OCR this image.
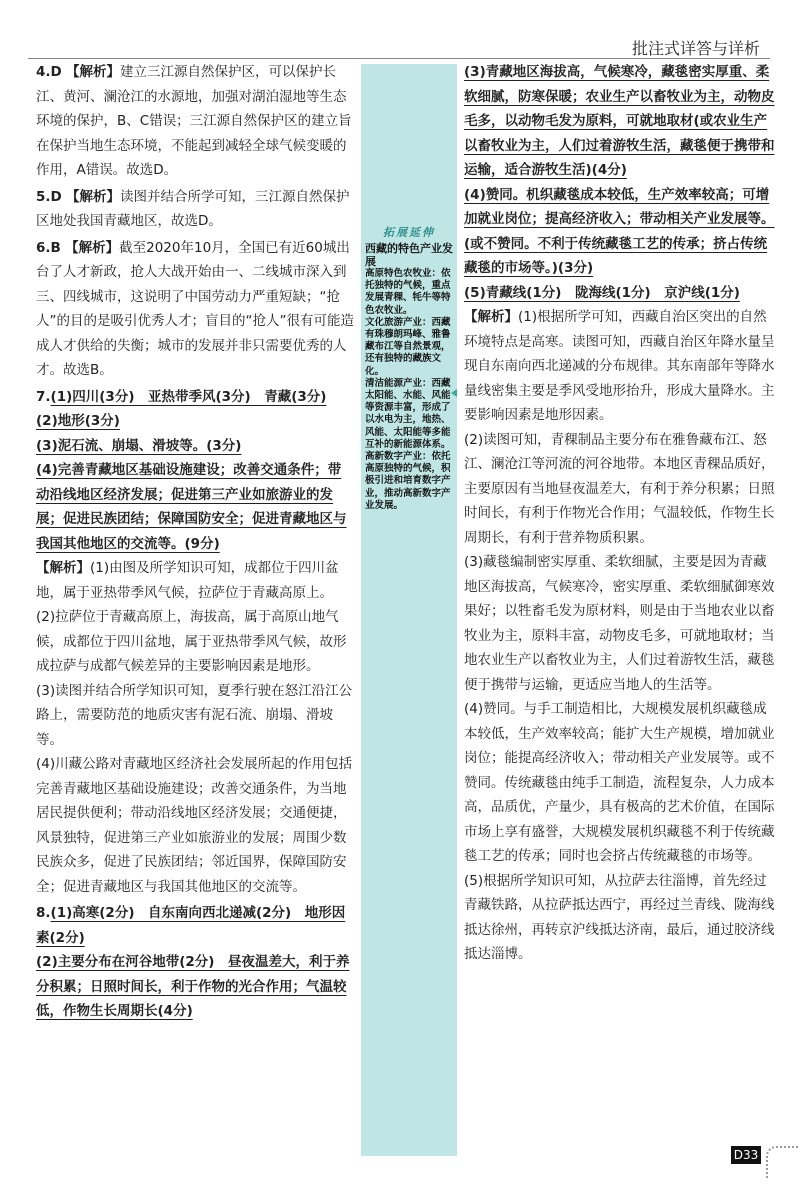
批注式详答与详析

4.D 【解析】建立三江源自然保护区，可以保护长江、黄河、澜沧江的水源地，加强对湖泊湿地等生态环境的保护，B、C错误；三江源自然保护区的建立旨在保护当地生态环境，不能起到减轻全球气候变暖的作用，A错误。故选D。

5.D 【解析】读图并结合所学可知，三江源自然保护区地处我国青藏地区，故选D。

6.B 【解析】截至2020年10月，全国已有近60城出台了人才新政，抢人大战开始由一、二线城市深入到三、四线城市，这说明了中国劳动力严重短缺；“抢人”的目的是吸引优秀人才；盲目的“抢人”很有可能造成人才供给的失衡；城市的发展并非只需要优秀的人才。故选B。

7.(1)四川(3分)　亚热带季风(3分)　青藏(3分)

(2)地形(3分)

(3)泥石流、崩塌、滑坡等。(3分)

(4)完善青藏地区基础设施建设；改善交通条件；带动沿线地区经济发展；促进第三产业如旅游业的发展；促进民族团结；保障国防安全；促进青藏地区与我国其他地区的交流等。(9分)

【解析】(1)由图及所学知识可知，成都位于四川盆地，属于亚热带季风气候，拉萨位于青藏高原上。

(2)拉萨位于青藏高原上，海拔高，属于高原山地气候，成都位于四川盆地，属于亚热带季风气候，故形成拉萨与成都气候差异的主要影响因素是地形。

(3)读图并结合所学知识可知，夏季行驶在怒江沿江公路上，需要防范的地质灾害有泥石流、崩塌、滑坡等。

(4)川藏公路对青藏地区经济社会发展所起的作用包括完善青藏地区基础设施建设；改善交通条件，为当地居民提供便利；带动沿线地区经济发展；交通便捷，风景独特，促进第三产业如旅游业的发展；周围少数民族众多，促进了民族团结；邻近国界，保障国防安全；促进青藏地区与我国其他地区的交流等。

8.(1)高寒(2分)　自东南向西北递减(2分)　地形因素(2分)

(2)主要分布在河谷地带(2分)　昼夜温差大，利于养分积累；日照时间长，利于作物的光合作用；气温较低，作物生长周期长(4分)

拓展延伸
西藏的特色产业发展
高原特色农牧业：依托独特的气候，重点发展青稞、牦牛等特色农牧业。
文化旅游产业：西藏有珠穆朗玛峰、雅鲁藏布江等自然景观，还有独特的藏族文化。
清洁能源产业：西藏太阳能、水能、风能等资源丰富，形成了以水电为主，地热、风能、太阳能等多能互补的新能源体系。
高新数字产业：依托高原独特的气候，积极引进和培育数字产业，推动高新数字产业发展。

(3)青藏地区海拔高，气候寒冷，藏毯密实厚重、柔软细腻，防寒保暖；农业生产以畜牧业为主，动物皮毛多，以动物毛发为原料，可就地取材(或农业生产以畜牧业为主，人们过着游牧生活，藏毯便于携带和运输，适合游牧生活)(4分)

(4)赞同。机织藏毯成本较低，生产效率较高；可增加就业岗位；提高经济收入；带动相关产业发展等。(或不赞同。不利于传统藏毯工艺的传承；挤占传统藏毯的市场等。)(3分)

(5)青藏线(1分)　陇海线(1分)　京沪线(1分)

【解析】(1)根据所学可知，西藏自治区突出的自然环境特点是高寒。读图可知，西藏自治区年降水量呈现自东南向西北递减的分布规律。其东南部年等降水量线密集主要是季风受地形抬升，形成大量降水。主要影响因素是地形因素。

(2)读图可知，青稞制品主要分布在雅鲁藏布江、怒江、澜沧江等河流的河谷地带。本地区青稞品质好，主要原因有当地昼夜温差大，有利于养分积累；日照时间长，有利于作物光合作用；气温较低，作物生长周期长，有利于营养物质积累。

(3)藏毯编制密实厚重、柔软细腻，主要是因为青藏地区海拔高，气候寒冷，密实厚重、柔软细腻御寒效果好；以牲畜毛发为原材料，则是由于当地农业以畜牧业为主，原料丰富，动物皮毛多，可就地取材；当地农业生产以畜牧业为主，人们过着游牧生活，藏毯便于携带与运输，更适应当地人的生活等。

(4)赞同。与手工制造相比，大规模发展机织藏毯成本较低，生产效率较高；能扩大生产规模，增加就业岗位；能提高经济收入；带动相关产业发展等。或不赞同。传统藏毯由纯手工制造，流程复杂，人力成本高，品质优，产量少，具有极高的艺术价值，在国际市场上享有盛誉，大规模发展机织藏毯不利于传统藏毯工艺的传承；同时也会挤占传统藏毯的市场等。

(5)根据所学知识可知，从拉萨去往淄博，首先经过青藏铁路，从拉萨抵达西宁，再经过兰青线、陇海线抵达徐州，再转京沪线抵达济南，最后，通过胶济线抵达淄博。

D33
